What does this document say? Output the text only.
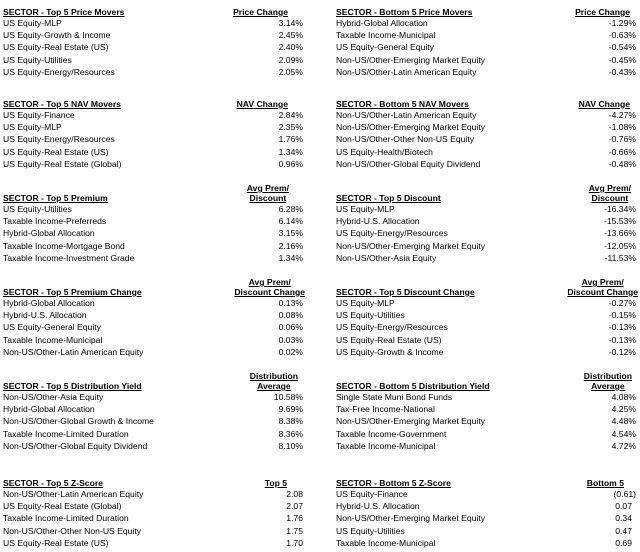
SECTOR - Top 5 Price Movers	Price Change
US Equity-MLP	3.14%
US Equity-Growth & Income	2.45%
US Equity-Real Estate (US)	2.40%
US Equity-Utilities	2.09%
US Equity-Energy/Resources	2.05%
SECTOR - Bottom 5 Price Movers	Price Change
Hybrid-Global Allocation	-1.29%
Taxable Income-Municipal	-0.63%
US Equity-General Equity	-0.54%
Non-US/Other-Emerging Market Equity	-0.45%
Non-US/Other-Latin American Equity	-0.43%
SECTOR - Top 5 NAV Movers	NAV Change
US Equity-Finance	2.84%
US Equity-MLP	2.35%
US Equity-Energy/Resources	1.76%
US Equity-Real Estate (US)	1.34%
US Equity-Real Estate (Global)	0.96%
SECTOR - Bottom 5 NAV Movers	NAV Change
Non-US/Other-Latin American Equity	-4.27%
Non-US/Other-Emerging Market Equity	-1.08%
Non-US/Other-Other Non-US Equity	-0.76%
US Equity-Health/Biotech	-0.66%
Non-US/Other-Global Equity Dividend	-0.48%
SECTOR - Top 5 Premium
Avg Prem/
Discount
US Equity-Utilities	6.28%
Taxable Income-Preferreds	6.14%
Hybrid-Global Allocation	3.15%
Taxable Income-Mortgage Bond	2.16%
Taxable Income-Investment Grade	1.34%
SECTOR - Top 5 Discount
Avg Prem/
Discount
US Equity-MLP	-16.34%
Hybrid-U.S. Allocation	-15.53%
US Equity-Energy/Resources	-13.66%
Non-US/Other-Emerging Market Equity	-12.05%
Non-US/Other-Asia Equity	-11.53%
SECTOR - Top 5 Premium Change
Avg Prem/
Discount Change
Hybrid-Global Allocation	0.13%
Hybrid-U.S. Allocation	0.08%
US Equity-General Equity	0.06%
Taxable Income-Municipal	0.03%
Non-US/Other-Latin American Equity	0.02%
SECTOR - Top 5 Discount Change
Avg Prem/
Discount Change
US Equity-MLP	-0.27%
US Equity-Utilities	-0.15%
US Equity-Energy/Resources	-0.13%
US Equity-Real Estate (US)	-0.13%
US Equity-Growth & Income	-0.12%
SECTOR - Top 5 Distribution Yield
Distribution
Average
Non-US/Other-Asia Equity	10.58%
Hybrid-Global Allocation	9.69%
Non-US/Other-Global Growth & Income	8.38%
Taxable Income-Limited Duration	8.36%
Non-US/Other-Global Equity Dividend	8.10%
SECTOR - Bottom 5 Distribution Yield
Distribution
Average
Single State Muni Bond Funds	4.08%
Tax-Free Income-National	4.25%
Non-US/Other-Emerging Market Equity	4.48%
Taxable Income-Government	4.54%
Taxable Income-Municipal	4.72%
SECTOR - Top 5 Z-Score	Top 5
Non-US/Other-Latin American Equity	2.08
US Equity-Real Estate (Global)	2.07
Taxable Income-Limited Duration	1.76
Non-US/Other-Other Non-US Equity	1.75
US Equity-Real Estate (US)	1.70
SECTOR - Bottom 5 Z-Score	Bottom 5
US Equity-Finance	(0.61)
Hybrid-U.S. Allocation	0.07
Non-US/Other-Emerging Market Equity	0.34
US Equity-Utilities	0.47
Taxable Income-Municipal	0.69
